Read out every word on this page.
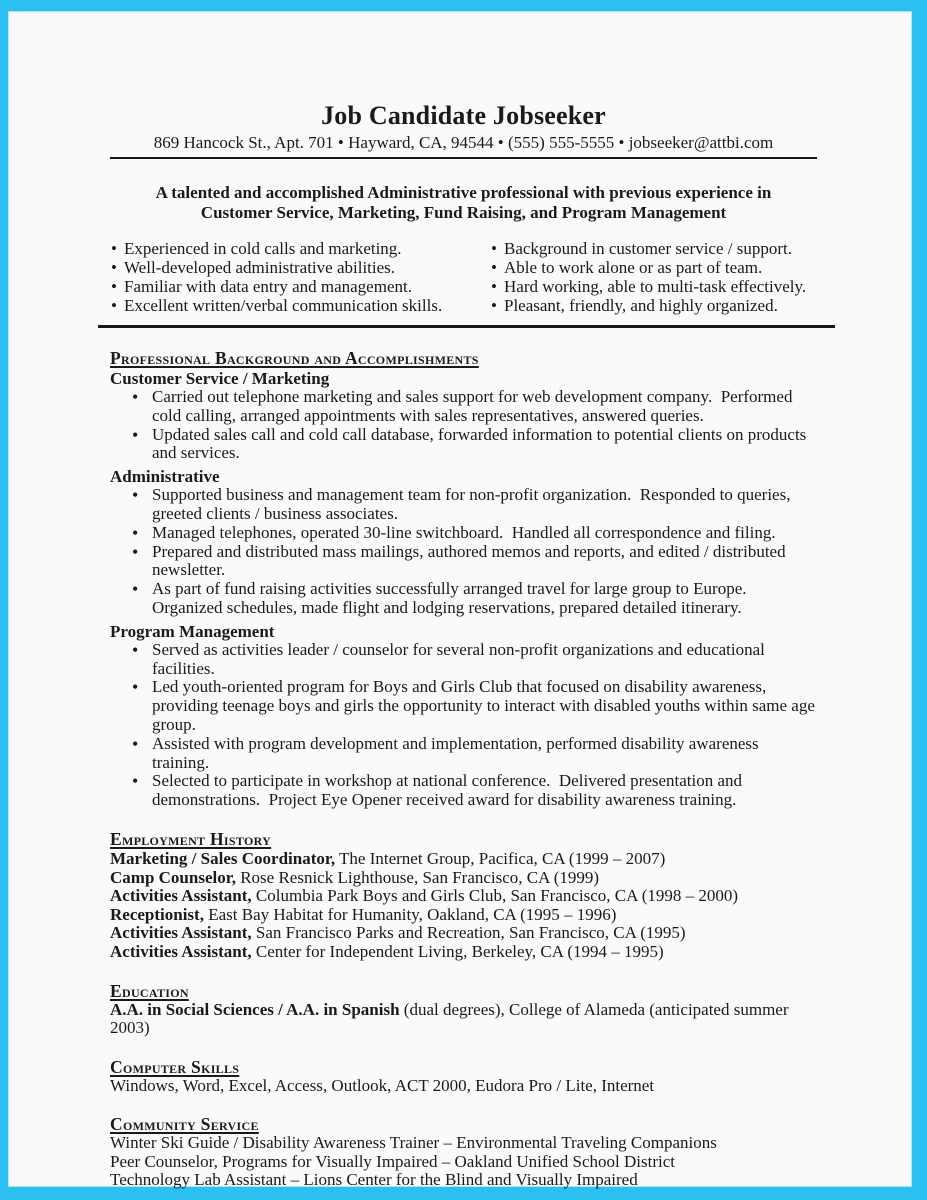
Job Candidate Jobseeker
869 Hancock St., Apt. 701 • Hayward, CA, 94544 • (555) 555-5555 • jobseeker@attbi.com

A talented and accomplished Administrative professional with previous experience in
Customer Service, Marketing, Fund Raising, and Program Management

• Experienced in cold calls and marketing.
• Well-developed administrative abilities.
• Familiar with data entry and management.
• Excellent written/verbal communication skills.
• Background in customer service / support.
• Able to work alone or as part of team.
• Hard working, able to multi-task effectively.
• Pleasant, friendly, and highly organized.
Professional Background and Accomplishments
Customer Service / Marketing
• Carried out telephone marketing and sales support for web development company.  Performed cold calling, arranged appointments with sales representatives, answered queries.
• Updated sales call and cold call database, forwarded information to potential clients on products and services.
Administrative
• Supported business and management team for non-profit organization.  Responded to queries, greeted clients / business associates.
• Managed telephones, operated 30-line switchboard.  Handled all correspondence and filing.
• Prepared and distributed mass mailings, authored memos and reports, and edited / distributed newsletter.
• As part of fund raising activities successfully arranged travel for large group to Europe.  Organized schedules, made flight and lodging reservations, prepared detailed itinerary.
Program Management
• Served as activities leader / counselor for several non-profit organizations and educational facilities.
• Led youth-oriented program for Boys and Girls Club that focused on disability awareness, providing teenage boys and girls the opportunity to interact with disabled youths within same age group.
• Assisted with program development and implementation, performed disability awareness training.
• Selected to participate in workshop at national conference.  Delivered presentation and demonstrations.  Project Eye Opener received award for disability awareness training.
Employment History

Marketing / Sales Coordinator, The Internet Group, Pacifica, CA (1999 – 2007)

Camp Counselor, Rose Resnick Lighthouse, San Francisco, CA (1999)

Activities Assistant, Columbia Park Boys and Girls Club, San Francisco, CA (1998 – 2000)

Receptionist, East Bay Habitat for Humanity, Oakland, CA (1995 – 1996)

Activities Assistant, San Francisco Parks and Recreation, San Francisco, CA (1995)

Activities Assistant, Center for Independent Living, Berkeley, CA (1994 – 1995)

Education

A.A. in Social Sciences / A.A. in Spanish (dual degrees), College of Alameda (anticipated summer 2003)

Computer Skills

Windows, Word, Excel, Access, Outlook, ACT 2000, Eudora Pro / Lite, Internet

Community Service

Winter Ski Guide / Disability Awareness Trainer – Environmental Traveling Companions

Peer Counselor, Programs for Visually Impaired – Oakland Unified School District

Technology Lab Assistant – Lions Center for the Blind and Visually Impaired
